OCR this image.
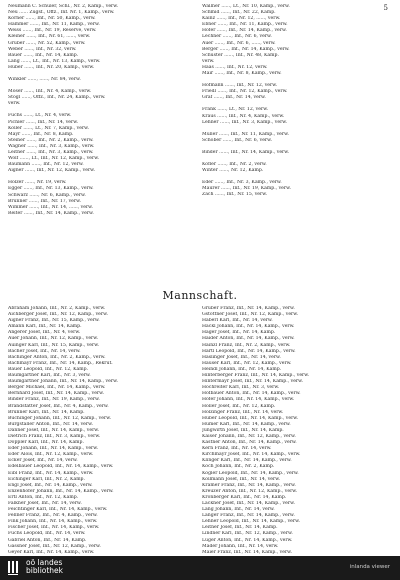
5
Neumann C. Schüler, Schl., Nr. 2, Kamp., verw.
Neu ...... Zugsf., Offz., Inf. Nr. 1, Kamp., verw.
Körner ......, Inf., Nr. 50, Kamp., verw.
Hammer ......, Inf., Nr. 11, Kamp., verw.
Weiss ......, Inf., Nr. 19, Reserve, verw.
Kleiner ......, Inf., Nr. 61, ......, verw.
Gruber ......, Nr. 52, Kamp., verw.
Weber ......, Inf., Nr. 32, verw.
Bauer ......, Inf., Nr. 14, Kamp.
Lang ......, Lt., Inf., Nr. 13, Kamp., verw.
Huber ......, Inf., Nr. 20, Kamp., verw.
Winkler ......, ......, Nr. 84, verw.
Moser ......, Inf., Nr. 4, Kamp., verw.
Stögl ......, Offz., Inf., Nr. 24, Kamp., verw.
verw.
Fuchs ......, Lt., Nr. 4, verw.
Pichler ......, Inf., Nr. 14, verw.
Koller ......, Lt., Nr. 7, Kamp., verw.
Mayr ......, Inf., Nr. 8, Kamp.
Steiner ......, Inf., Nr. 2, Kamp., verw.
Wagner ......, Inf., Nr. 3, Kamp., verw.
Leitner ......, Inf., Nr. 3, Kamp., verw.
Wolf ......, Lt., Inf., Nr. 12, Kamp., verw.
Baumann ......, Inf., Nr. 12, verw.
Aigner ......, Inf., Nr. 12, Kamp., verw.
Holzer ......, Nr. 19, verw.
Egger ......, Inf., Nr. 13, Kamp., verw.
Schwarz ......, Nr. 6, Kamp., verw.
Brunner ......, Inf., Nr. 17, verw.
Wimmer ......, Inf., Nr. 14, ......, verw.
Reiter ......, Inf., Nr. 14, Kamp., verw.
Wallner ......, Lt., Nr. 10, Kamp., verw.
Schmid ......, Inf., Nr. 22, Kamp.
Kainz ......, Inf., Nr. 12, ......, verw.
Ebner ......, Inf., Nr. 11, Kamp., verw.
Hofer ......, Inf., Nr. 14, Kamp., verw.
Lechner ......, Inf., Nr. 6, verw.
Auer ......, Inf., Nr. 6, ......, verw.
Berger ......, Inf., Nr. 14, Kamp., verw.
Schuster ......, Inf., Nr. 48, Kamp.
verw.
Haas ......, Inf., Nr. 12, verw.
Mair ......, Inf., Nr. 8, Kamp., verw.
Hofmann ......, Inf., Nr. 12, verw.
Friedl ......, Inf., Nr. 12, Kamp., verw.
Graf ......, Inf., Nr. 14, verw.
Frank ......, Lt., Nr. 12, verw.
Kraus ......, Inf., Nr. 4, Kamp., verw.
Lehner ......, Inf., Nr. 3, Kamp., verw.
Müller ......, Inf., Nr. 11, Kamp., verw.
Schober ......, Inf., Nr. 6, verw.
Binder ......, Inf., Nr. 14, Kamp., verw.
Kofler ......, Inf., Nr. 2, verw.
Winter ......, Nr. 12, Kamp.
Eder ......, Inf., Nr. 3, Kamp., verw.
Maurer ......, Inf., Nr. 19, Kamp., verw.
Zach ......, Inf., Nr. 15, verw.
Mannschaft.
Abraham Johann, Inf., Nr. 2, Kamp., verw.
Aichberger Josef, Inf., Nr. 12, Kamp., verw.
Aigner Franz, Inf., Nr. 15, Kamp., verw.
Amann Karl, Inf., Nr. 14, Kamp.
Angerer Josef, Inf., Nr. 4, verw.
Auer Johann, Inf., Nr. 12, Kamp., verw.
Auinger Karl, Inf., Nr. 15, Kamp., verw.
Bacher Josef, Inf., Nr. 14, verw.
Bachinger Anton, Inf., Nr. 2, Kamp., verw.
Bachmayr Franz, Inf., Nr. 14, Kamp., Rekrut.
Bauer Leopold, Inf., Nr. 12, Kamp.
Baumgartner Karl, Inf., Nr. 3, verw.
Baumgartner Johann, Inf., Nr. 14, Kamp., verw.
Berger Michael, Inf., Nr. 14, Kamp., verw.
Bernhard Josef, Inf., Nr. 14, Kamp., verw.
Binder Franz, Inf., Nr. 19, Kamp., verw.
Brandstätter Josef, Inf., Nr. 4, Kamp., verw.
Brunner Karl, Inf., Nr. 14, Kamp.
Buchinger Johann, Inf., Nr. 12, Kamp., verw.
Burgstaller Anton, Inf., Nr. 14, verw.
Danner Josef, Inf., Nr. 14, Kamp., verw.
Dietrich Franz, Inf., Nr. 3, Kamp., verw.
Doppler Karl, Inf., Nr. 14, Kamp.
Eder Johann, Inf., Nr. 14, Kamp., verw.
Eder Alois, Inf., Nr. 12, Kamp., verw.
Ecker Josef, Inf., Nr. 14, verw.
Edelbauer Leopold, Inf., Nr. 14, Kamp., verw.
Eibl Franz, Inf., Nr. 14, Kamp., verw.
Eichinger Karl, Inf., Nr. 2, Kamp.
Engl Josef, Inf., Nr. 14, Kamp., verw.
Enzenhofer Johann, Inf., Nr. 14, Kamp., verw.
Ertl Anton, Inf., Nr. 12, Kamp.
Falkner Josef, Inf., Nr. 14, verw.
Feichtinger Karl, Inf., Nr. 14, Kamp., verw.
Fellner Franz, Inf., Nr. 4, Kamp., verw.
Fink Johann, Inf., Nr. 14, Kamp., verw.
Fischer Josef, Inf., Nr. 14, Kamp., verw.
Fuchs Leopold, Inf., Nr. 14, verw.
Gabriel Anton, Inf., Nr. 14, Kamp.
Gassner Josef, Inf., Nr. 12, Kamp., verw.
Geyer Karl, Inf., Nr. 14, Kamp., verw.
Gruber Franz, Inf., Nr. 14, Kamp., verw.
Gstöttner Josef, Inf., Nr. 12, Kamp., verw.
Haberl Karl, Inf., Nr. 14, verw.
Hackl Johann, Inf., Nr. 14, Kamp., verw.
Hager Josef, Inf., Nr. 14, Kamp.
Haider Anton, Inf., Nr. 14, Kamp., verw.
Hainzl Franz, Inf., Nr. 2, Kamp., verw.
Hartl Leopold, Inf., Nr. 14, Kamp., verw.
Haslinger Josef, Inf., Nr. 14, verw.
Hauser Karl, Inf., Nr. 12, Kamp., verw.
Heindl Johann, Inf., Nr. 14, Kamp.
Hinterberger Franz, Inf., Nr. 14, Kamp., verw.
Hintermayr Josef, Inf., Nr. 14, Kamp., verw.
Hochreiter Karl, Inf., Nr. 3, verw.
Hofbauer Anton, Inf., Nr. 14, Kamp., verw.
Hofer Johann, Inf., Nr. 14, Kamp., verw.
Höller Josef, Inf., Nr. 12, Kamp.
Holzinger Franz, Inf., Nr. 14, verw.
Huber Leopold, Inf., Nr. 14, Kamp., verw.
Humer Karl, Inf., Nr. 14, Kamp., verw.
Jungwirth Josef, Inf., Nr. 14, Kamp.
Kaiser Johann, Inf., Nr. 12, Kamp., verw.
Kastner Anton, Inf., Nr. 14, Kamp., verw.
Kern Franz, Inf., Nr. 14, verw.
Kirchmayr Josef, Inf., Nr. 14, Kamp., verw.
Klinger Karl, Inf., Nr. 14, Kamp., verw.
Koch Johann, Inf., Nr. 2, Kamp.
Kogler Leopold, Inf., Nr. 14, Kamp., verw.
Kollmann Josef, Inf., Nr. 14, verw.
Kramer Franz, Inf., Nr. 14, Kamp., verw.
Kreuzer Anton, Inf., Nr. 12, Kamp., verw.
Kronberger Karl, Inf., Nr. 14, Kamp.
Lackner Josef, Inf., Nr. 14, Kamp., verw.
Lang Johann, Inf., Nr. 14, verw.
Langer Franz, Inf., Nr. 14, Kamp., verw.
Lehner Leopold, Inf., Nr. 14, Kamp., verw.
Leitner Josef, Inf., Nr. 14, Kamp.
Lindner Karl, Inf., Nr. 12, Kamp., verw.
Luger Anton, Inf., Nr. 14, Kamp., verw.
Mader Johann, Inf., Nr. 14, verw.
Maier Franz, Inf., Nr. 14, Kamp., verw.
oö landes
bibliothek	inlanda viewer
